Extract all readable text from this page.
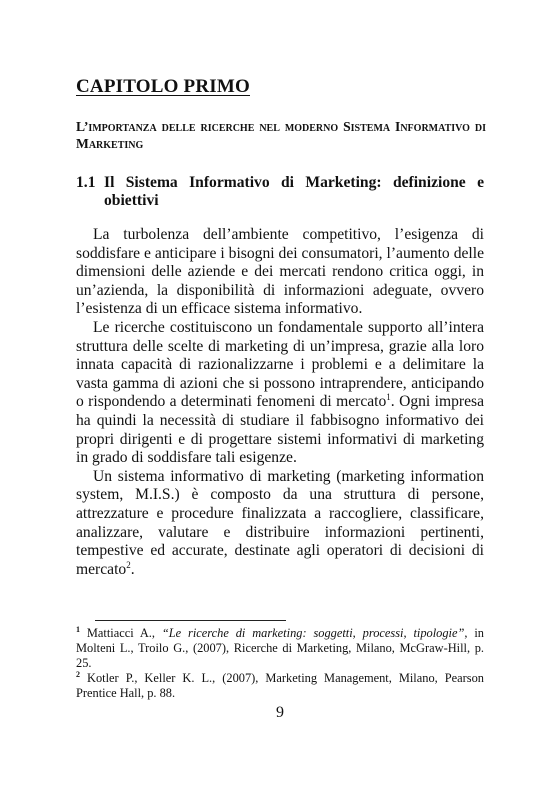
CAPITOLO PRIMO
L’importanza delle ricerche nel moderno Sistema Informativo di Marketing
1.1 Il Sistema Informativo di Marketing: definizione e obiettivi

La turbolenza dell’ambiente competitivo, l’esigenza di soddisfare e anticipare i bisogni dei consumatori, l’aumento delle dimensioni delle aziende e dei mercati rendono critica oggi, in un’azienda, la disponibilità di informazioni adeguate, ovvero l’esistenza di un efficace sistema informativo.

Le ricerche costituiscono un fondamentale supporto all’intera struttura delle scelte di marketing di un’impresa, grazie alla loro innata capacità di razionalizzarne i problemi e a delimitare la vasta gamma di azioni che si possono intraprendere, anticipando o rispondendo a determinati fenomeni di mercato$^1$. Ogni impresa ha quindi la necessità di studiare il fabbisogno informativo dei propri dirigenti e di progettare sistemi informativi di marketing in grado di soddisfare tali esigenze.

Un sistema informativo di marketing (marketing information system, M.I.S.) è composto da una struttura di persone, attrezzature e procedure finalizzata a raccogliere, classificare, analizzare, valutare e distribuire informazioni pertinenti, tempestive ed accurate, destinate agli operatori di decisioni di mercato$^2$.

$^1$ Mattiacci A., “Le ricerche di marketing: soggetti, processi, tipologie”, in Molteni L., Troilo G., (2007), Ricerche di Marketing, Milano, McGraw-Hill, p. 25.

$^2$ Kotler P., Keller K. L., (2007), Marketing Management, Milano, Pearson Prentice Hall, p. 88.

9
